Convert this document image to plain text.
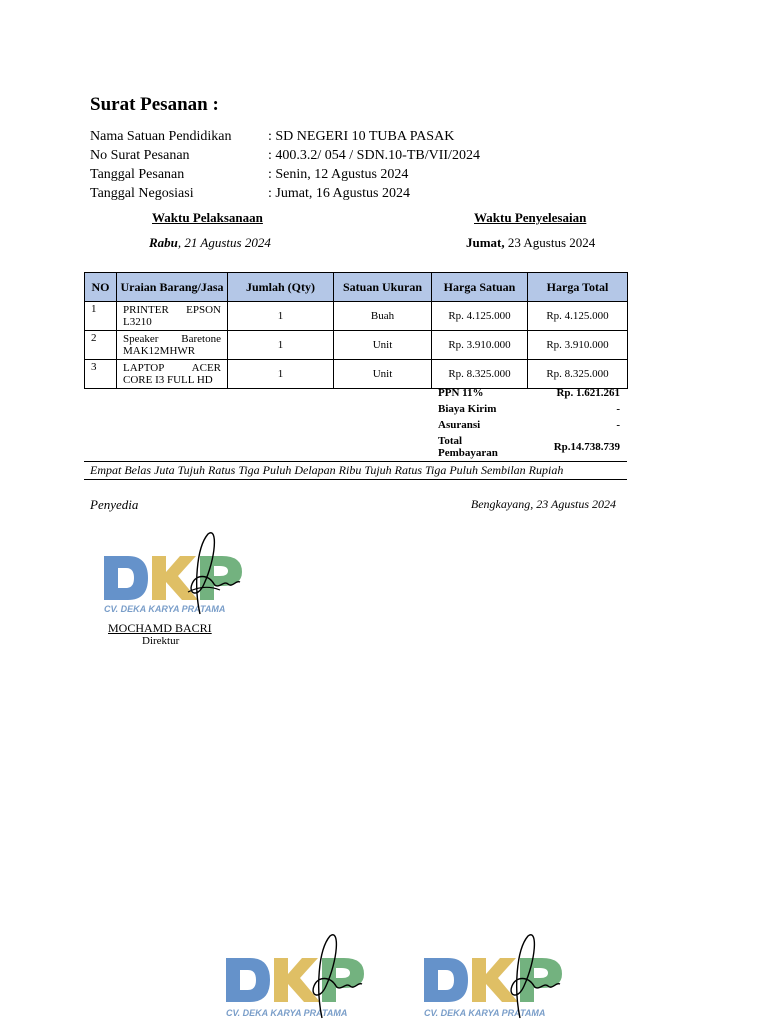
Surat Pesanan :
Nama Satuan Pendidikan	: SD NEGERI 10 TUBA PASAK
No Surat Pesanan	: 400.3.2/ 054 / SDN.10-TB/VII/2024
Tanggal Pesanan	: Senin, 12 Agustus 2024
Tanggal Negosiasi	: Jumat, 16 Agustus 2024
Waktu Pelaksanaan
Rabu, 21 Agustus 2024
Waktu Penyelesaian
Jumat, 23 Agustus 2024
NO	Uraian Barang/Jasa	Jumlah (Qty)	Satuan Ukuran	Harga Satuan	Harga Total
1	PRINTER EPSON L3210	1	Buah	Rp. 4.125.000	Rp. 4.125.000
2	Speaker Baretone MAK12MHWR	1	Unit	Rp. 3.910.000	Rp. 3.910.000
3	LAPTOP ACER CORE I3 FULL HD	1	Unit	Rp. 8.325.000	Rp. 8.325.000
PPN 11%	Rp. 1.621.261
Biaya Kirim	-
Asuransi	-
Total Pembayaran	Rp.14.738.739
Empat Belas Juta Tujuh Ratus Tiga Puluh Delapan Ribu Tujuh Ratus Tiga Puluh Sembilan Rupiah
Penyedia	Bengkayang, 23 Agustus 2024
CV. DEKA KARYA PRATAMA
MOCHAMD BACRI
Direktur
CV. DEKA KARYA PRATAMA	CV. DEKA KARYA PRATAMA
